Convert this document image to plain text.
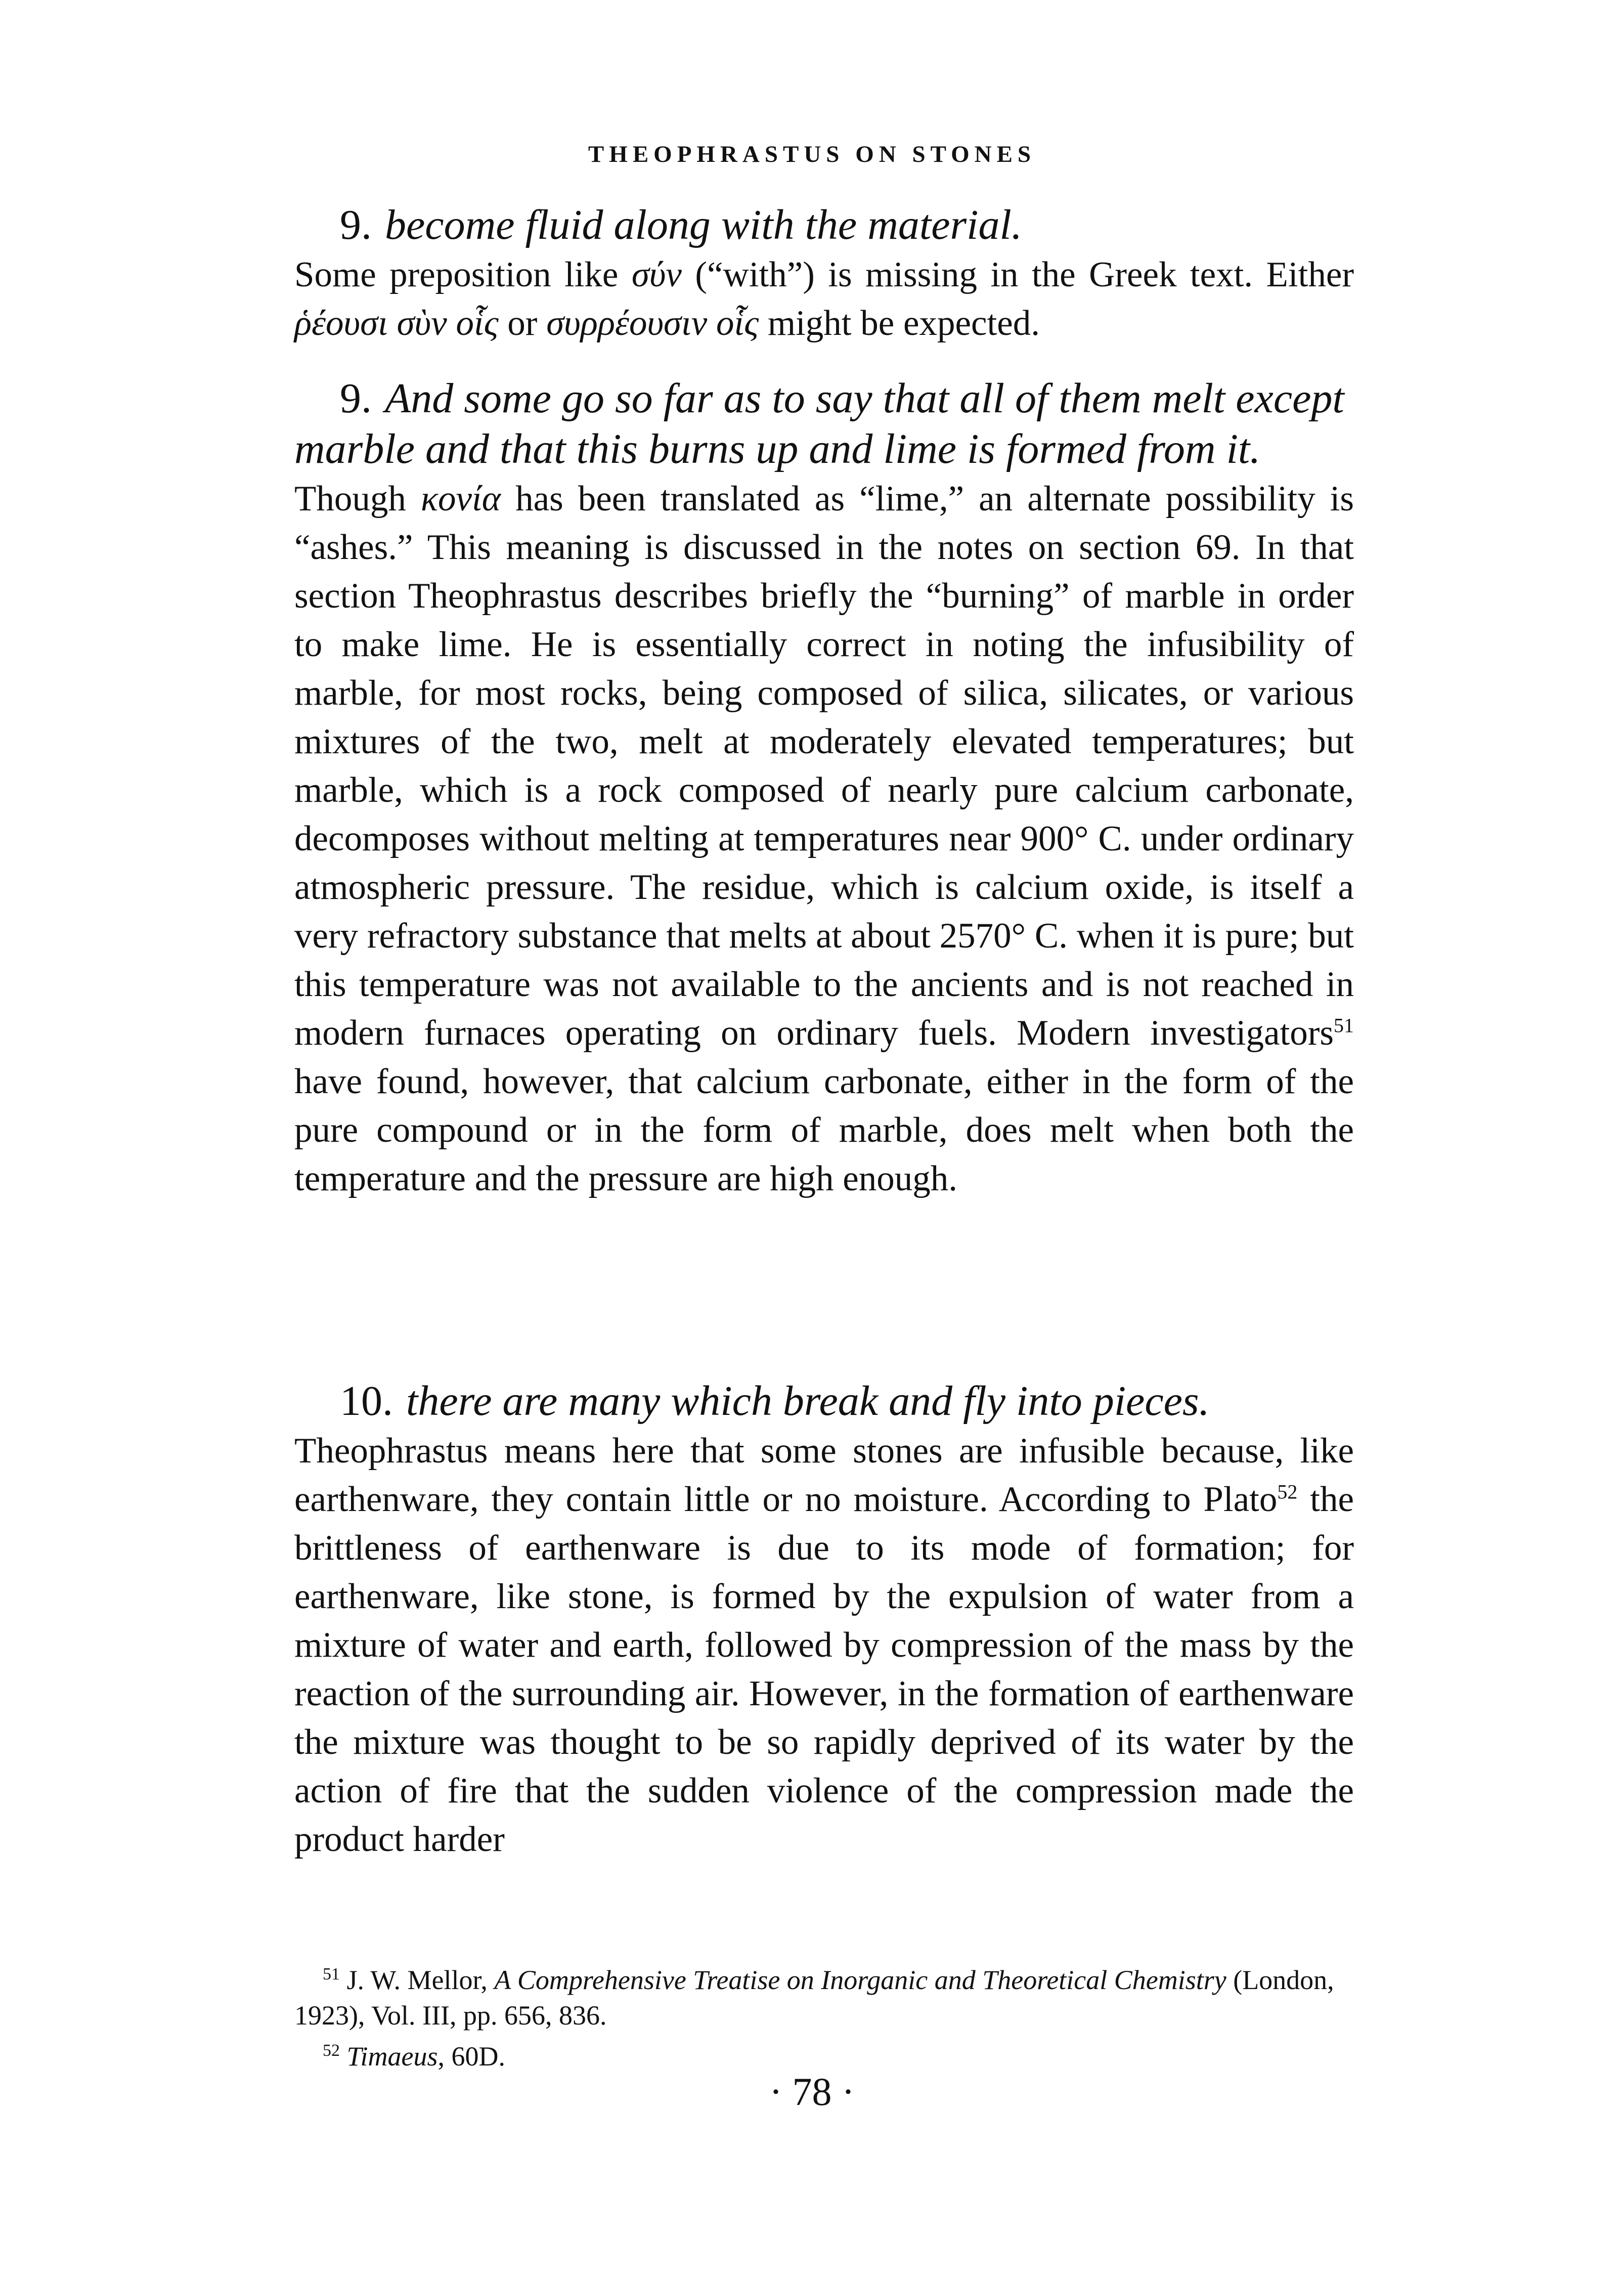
THEOPHRASTUS ON STONES

9. become fluid along with the material.

Some preposition like σύν (“with”) is missing in the Greek text. Either ῥέουσι σὺν οἷς or συρρέουσιν οἷς might be expected.

9. And some go so far as to say that all of them melt except marble and that this burns up and lime is formed from it.

Though κονία has been translated as “lime,” an alternate possibility is “ashes.” This meaning is discussed in the notes on section 69. In that section Theophrastus describes briefly the “burning” of marble in order to make lime. He is essentially correct in noting the infusibility of marble, for most rocks, being composed of silica, silicates, or various mixtures of the two, melt at moderately elevated temperatures; but marble, which is a rock composed of nearly pure calcium carbonate, decomposes without melting at temperatures near 900° C. under ordinary atmospheric pressure. The residue, which is calcium oxide, is itself a very refractory substance that melts at about 2570° C. when it is pure; but this temperature was not available to the ancients and is not reached in modern furnaces operating on ordinary fuels. Modern investigators$^{51}$ have found, however, that calcium carbonate, either in the form of the pure compound or in the form of marble, does melt when both the temperature and the pressure are high enough.

10. there are many which break and fly into pieces.

Theophrastus means here that some stones are infusible because, like earthenware, they contain little or no moisture. According to Plato$^{52}$ the brittleness of earthenware is due to its mode of formation; for earthenware, like stone, is formed by the expulsion of water from a mixture of water and earth, followed by compression of the mass by the reaction of the surrounding air. However, in the formation of earthenware the mixture was thought to be so rapidly deprived of its water by the action of fire that the sudden violence of the compression made the product harder

$^{51}$ J. W. Mellor, A Comprehensive Treatise on Inorganic and Theoretical Chemistry (London, 1923), Vol. III, pp. 656, 836.

$^{52}$ Timaeus, 60D.

· 78 ·
